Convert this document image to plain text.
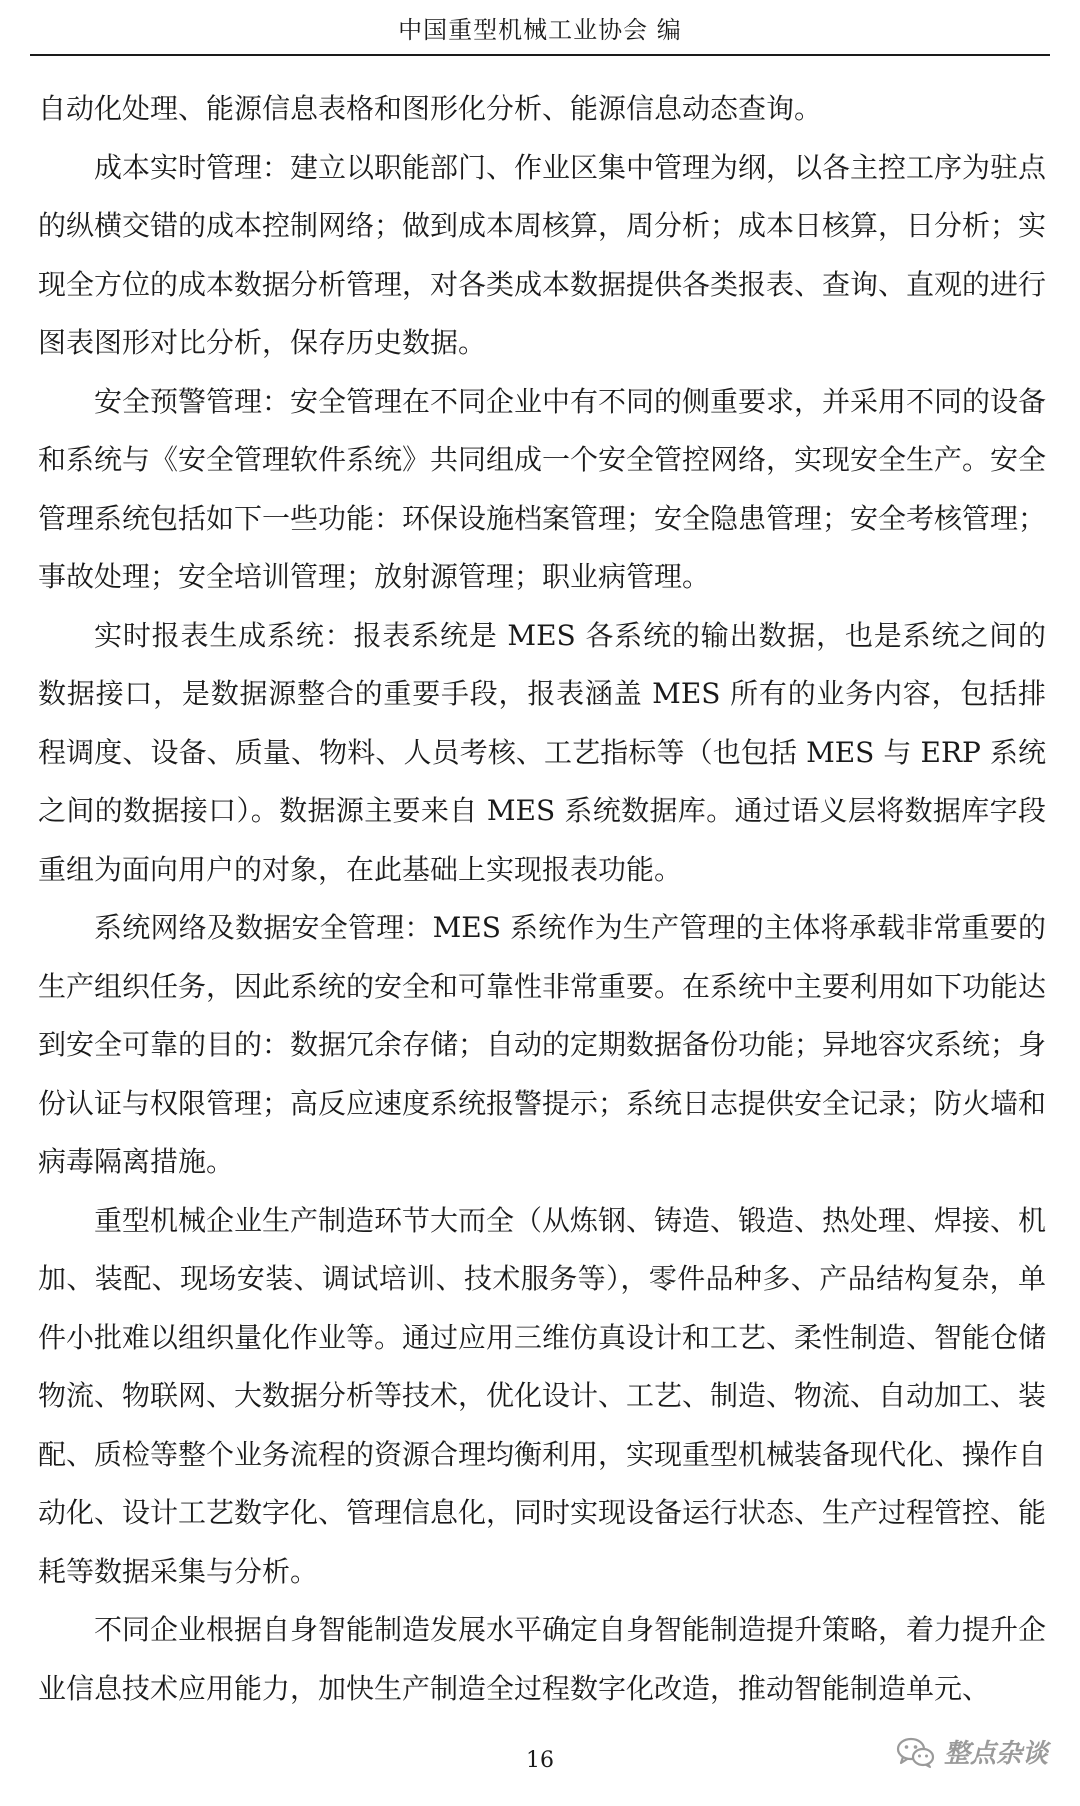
中国重型机械工业协会 编

自动化处理、能源信息表格和图形化分析、能源信息动态查询。

成本实时管理：建立以职能部门、作业区集中管理为纲，以各主控工序为驻点的纵横交错的成本控制网络；做到成本周核算，周分析；成本日核算，日分析；实现全方位的成本数据分析管理，对各类成本数据提供各类报表、查询、直观的进行图表图形对比分析，保存历史数据。

安全预警管理：安全管理在不同企业中有不同的侧重要求，并采用不同的设备和系统与《安全管理软件系统》共同组成一个安全管控网络，实现安全生产。安全管理系统包括如下一些功能：环保设施档案管理；安全隐患管理；安全考核管理；事故处理；安全培训管理；放射源管理；职业病管理。

实时报表生成系统：报表系统是 MES 各系统的输出数据，也是系统之间的数据接口，是数据源整合的重要手段，报表涵盖 MES 所有的业务内容，包括排程调度、设备、质量、物料、人员考核、工艺指标等（也包括 MES 与 ERP 系统之间的数据接口）。数据源主要来自 MES 系统数据库。通过语义层将数据库字段重组为面向用户的对象，在此基础上实现报表功能。

系统网络及数据安全管理：MES 系统作为生产管理的主体将承载非常重要的生产组织任务，因此系统的安全和可靠性非常重要。在系统中主要利用如下功能达到安全可靠的目的：数据冗余存储；自动的定期数据备份功能；异地容灾系统；身份认证与权限管理；高反应速度系统报警提示；系统日志提供安全记录；防火墙和病毒隔离措施。

重型机械企业生产制造环节大而全（从炼钢、铸造、锻造、热处理、焊接、机加、装配、现场安装、调试培训、技术服务等），零件品种多、产品结构复杂，单件小批难以组织量化作业等。通过应用三维仿真设计和工艺、柔性制造、智能仓储物流、物联网、大数据分析等技术，优化设计、工艺、制造、物流、自动加工、装配、质检等整个业务流程的资源合理均衡利用，实现重型机械装备现代化、操作自动化、设计工艺数字化、管理信息化，同时实现设备运行状态、生产过程管控、能耗等数据采集与分析。

不同企业根据自身智能制造发展水平确定自身智能制造提升策略，着力提升企业信息技术应用能力，加快生产制造全过程数字化改造，推动智能制造单元、

16	整点杂谈
